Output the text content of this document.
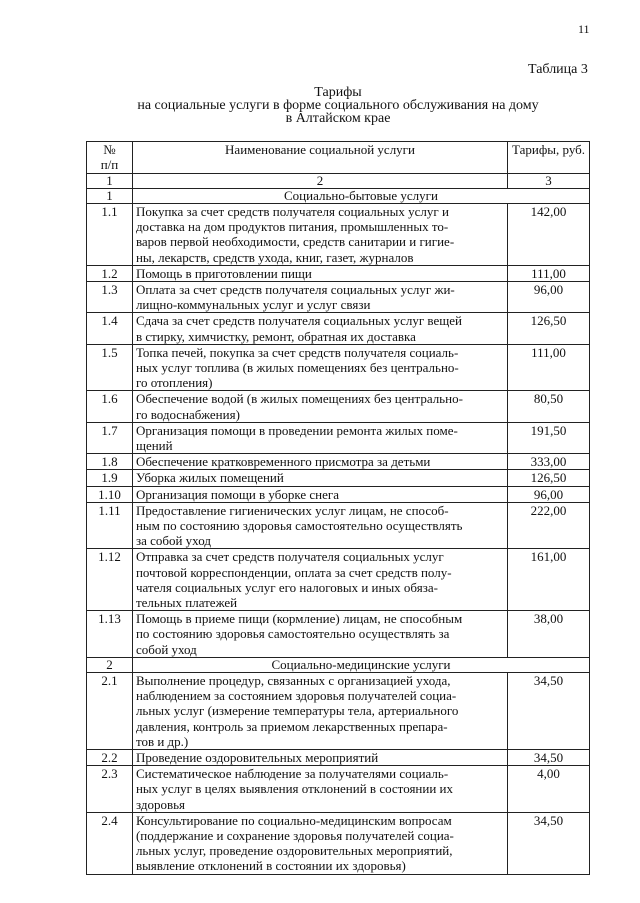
11
Таблица 3
Тарифы
на социальные услуги в форме социального обслуживания на дому
в Алтайском крае
№
п/п	Наименование социальной услуги	Тарифы, руб.
1	2	3
1	Социально-бытовые услуги	
1.1	Покупка за счет средств получателя социальных услуг и
доставка на дом продуктов питания, промышленных то-
варов первой необходимости, средств санитарии и гигие-
ны, лекарств, средств ухода, книг, газет, журналов	142,00
1.2	Помощь в приготовлении пищи	111,00
1.3	Оплата за счет средств получателя социальных услуг жи-
лищно-коммунальных услуг и услуг связи	96,00
1.4	Сдача за счет средств получателя социальных услуг вещей
в стирку, химчистку, ремонт, обратная их доставка	126,50
1.5	Топка печей, покупка за счет средств получателя социаль-
ных услуг топлива (в жилых помещениях без центрально-
го отопления)	111,00
1.6	Обеспечение водой (в жилых помещениях без центрально-
го водоснабжения)	80,50
1.7	Организация помощи в проведении ремонта жилых поме-
щений	191,50
1.8	Обеспечение кратковременного присмотра за детьми	333,00
1.9	Уборка жилых помещений	126,50
1.10	Организация помощи в уборке снега	96,00
1.11	Предоставление гигиенических услуг лицам, не способ-
ным по состоянию здоровья самостоятельно осуществлять
за собой уход	222,00
1.12	Отправка за счет средств получателя социальных услуг
почтовой корреспонденции, оплата за счет средств полу-
чателя социальных услуг его налоговых и иных обяза-
тельных платежей	161,00
1.13	Помощь в приеме пищи (кормление) лицам, не способным
по состоянию здоровья самостоятельно осуществлять за
собой уход	38,00
2	Социально-медицинские услуги	
2.1	Выполнение процедур, связанных с организацией ухода,
наблюдением за состоянием здоровья получателей социа-
льных услуг (измерение температуры тела, артериального
давления, контроль за приемом лекарственных препара-
тов и др.)	34,50
2.2	Проведение оздоровительных мероприятий	34,50
2.3	Систематическое наблюдение за получателями социаль-
ных услуг в целях выявления отклонений в состоянии их
здоровья	4,00
2.4	Консультирование по социально-медицинским вопросам
(поддержание и сохранение здоровья получателей социа-
льных услуг, проведение оздоровительных мероприятий,
выявление отклонений в состоянии их здоровья)	34,50
